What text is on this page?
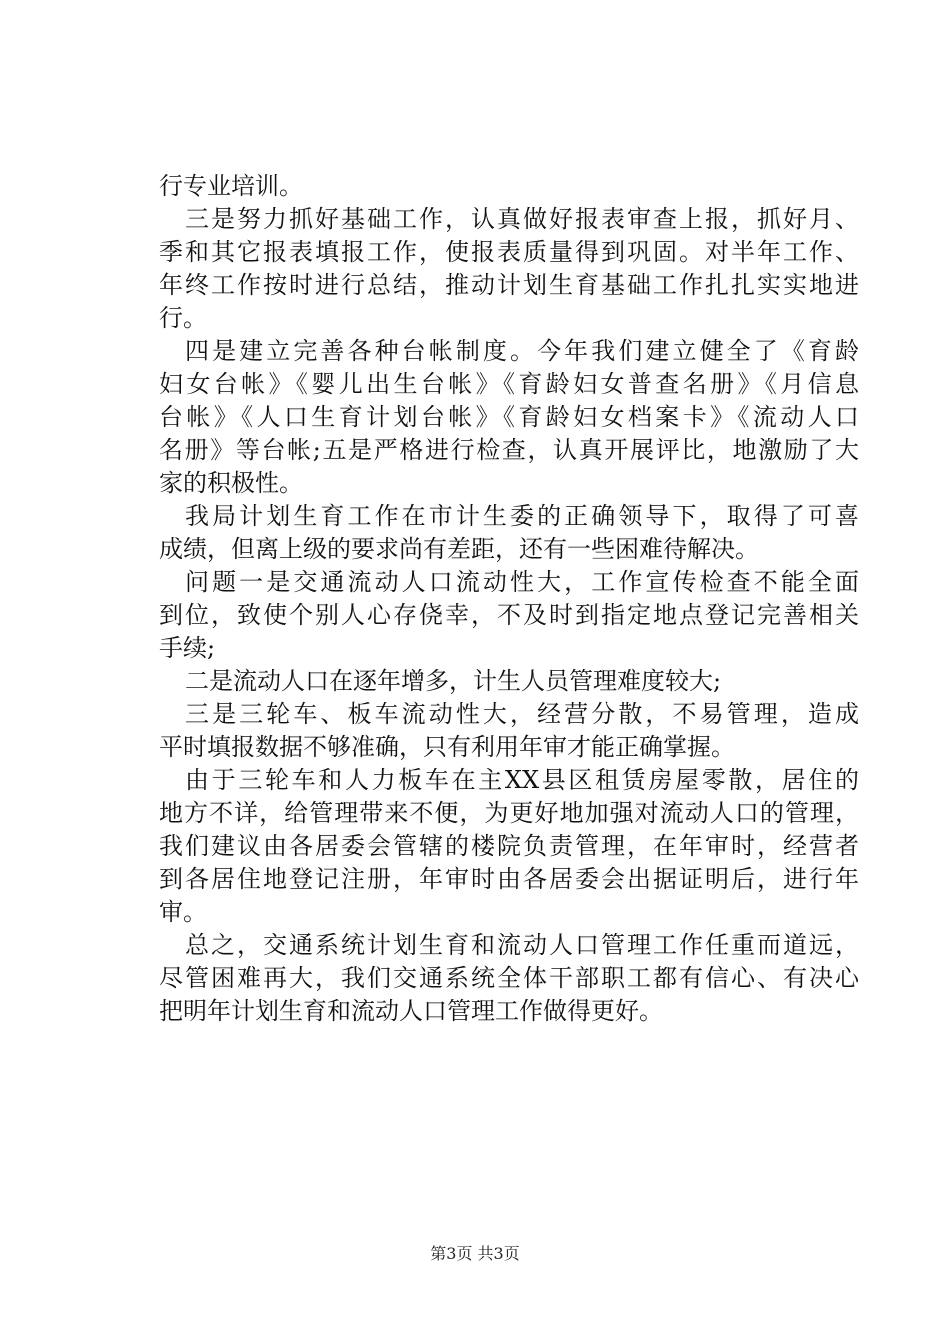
行专业培训。
三是努力抓好基础工作，认真做好报表审查上报，抓好月、
季和其它报表填报工作，使报表质量得到巩固。对半年工作、
年终工作按时进行总结，推动计划生育基础工作扎扎实实地进
行。
四是建立完善各种台帐制度。今年我们建立健全了《育龄
妇女台帐》《婴儿出生台帐》《育龄妇女普查名册》《月信息
台帐》《人口生育计划台帐》《育龄妇女档案卡》《流动人口
名册》等台帐;五是严格进行检查，认真开展评比，地激励了大
家的积极性。
我局计划生育工作在市计生委的正确领导下，取得了可喜
成绩，但离上级的要求尚有差距，还有一些困难待解决。
问题一是交通流动人口流动性大，工作宣传检查不能全面
到位，致使个别人心存侥幸，不及时到指定地点登记完善相关
手续;
二是流动人口在逐年增多，计生人员管理难度较大;
三是三轮车、板车流动性大，经营分散，不易管理，造成
平时填报数据不够准确，只有利用年审才能正确掌握。
由于三轮车和人力板车在主XX县区租赁房屋零散，居住的
地方不详，给管理带来不便，为更好地加强对流动人口的管理，
我们建议由各居委会管辖的楼院负责管理，在年审时，经营者
到各居住地登记注册，年审时由各居委会出据证明后，进行年
审。
总之，交通系统计划生育和流动人口管理工作任重而道远，
尽管困难再大，我们交通系统全体干部职工都有信心、有决心
把明年计划生育和流动人口管理工作做得更好。
第3页 共3页
